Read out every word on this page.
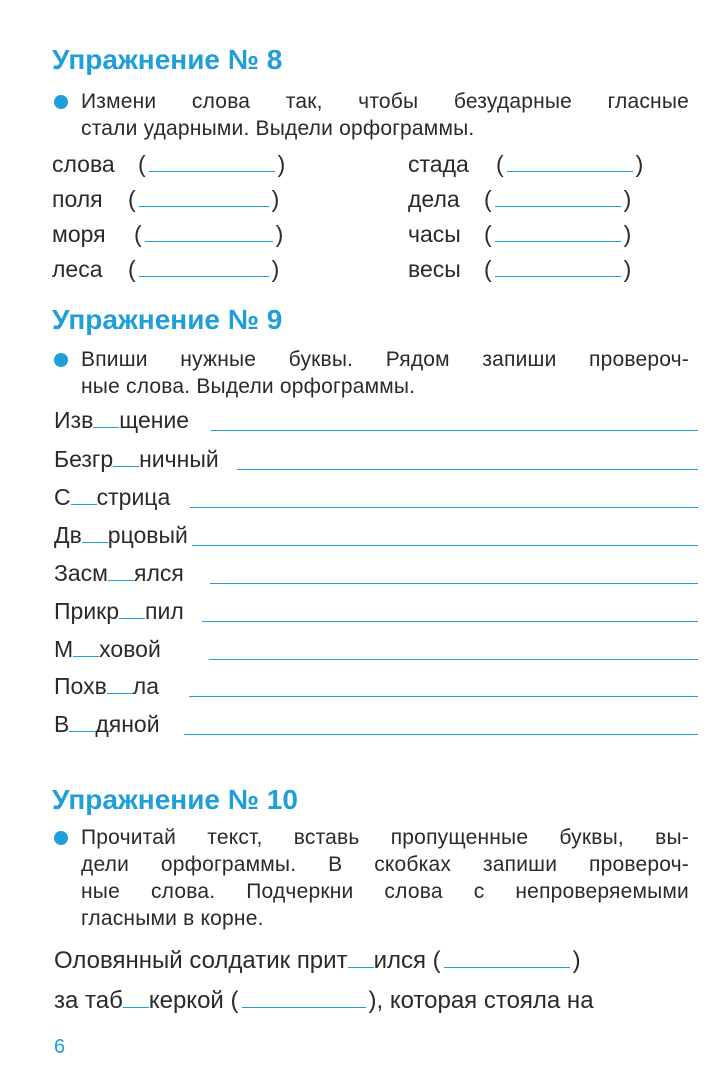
Упражнение № 8
Измени слова так, чтобы безударные гласные
стали ударными. Выдели орфограммы.
слова	(	)
поля	(	)
моря	(	)
леса	(	)
стада	(	)
дела	(	)
часы	(	)
весы	(	)
Упражнение № 9
Впиши нужные буквы. Рядом запиши провероч-
ные слова. Выдели орфограммы.
Изв щение
Безгр ничный
С стрица
Дв рцовый
Засм ялся
Прикр пил
М ховой
Похв ла
В дяной
Упражнение № 10
Прочитай текст, вставь пропущенные буквы, вы-
дели орфограммы. В скобках запиши провероч-
ные слова. Подчеркни слова с непроверяемыми
гласными в корне.
Оловянный солдатик прит ился (	)
за таб керкой (	), которая стояла на
6
